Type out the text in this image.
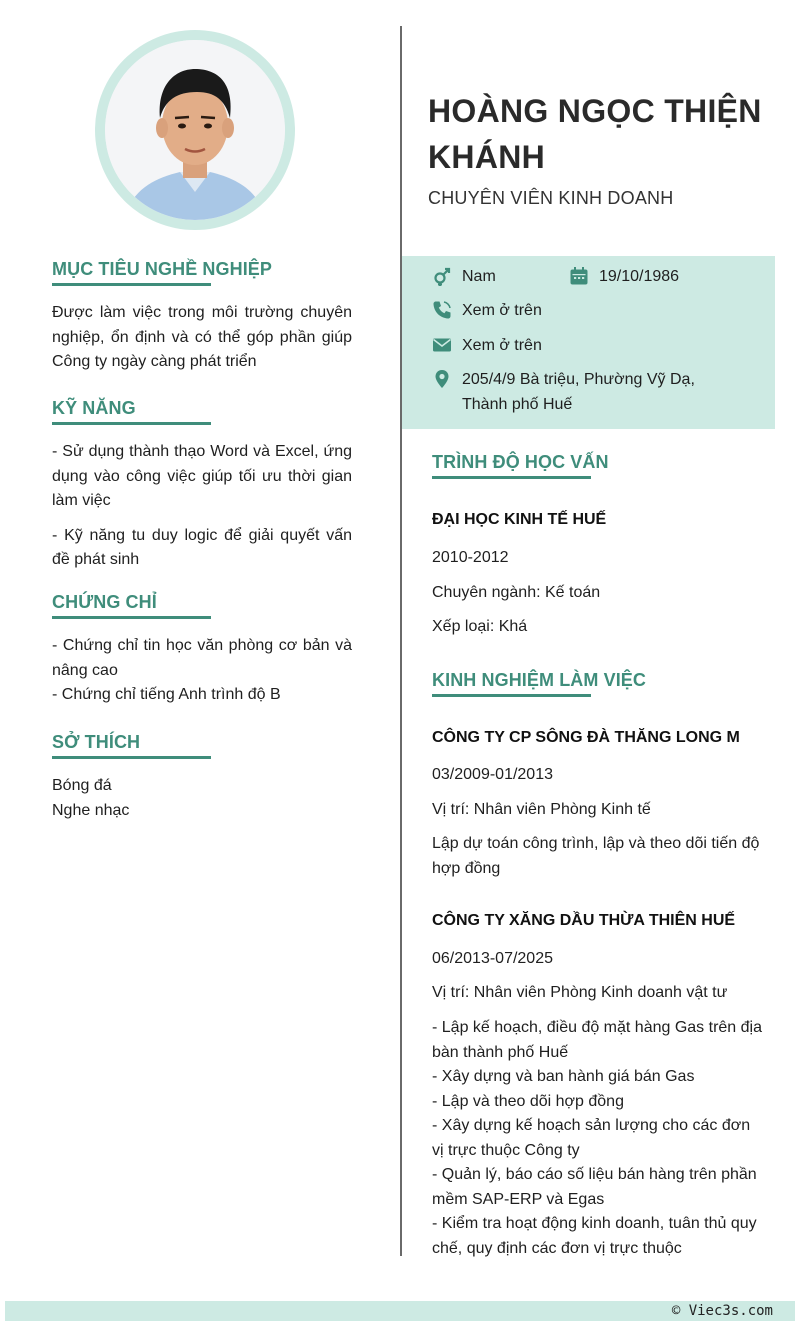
MỤC TIÊU NGHỀ NGHIỆP

Được làm việc trong môi trường chuyên nghiệp, ổn định và có thể góp phần giúp Công ty ngày càng phát triển

KỸ NĂNG

- Sử dụng thành thạo Word và Excel, ứng dụng vào công việc giúp tối ưu thời gian làm việc

- Kỹ năng tu duy logic để giải quyết vấn đề phát sinh

CHỨNG CHỈ

- Chứng chỉ tin học văn phòng cơ bản và nâng cao

- Chứng chỉ tiếng Anh trình độ B

SỞ THÍCH

Bóng đá

Nghe nhạc

HOÀNG NGỌC THIỆN KHÁNH
CHUYÊN VIÊN KINH DOANH
Nam	19/10/1986
Xem ở trên
Xem ở trên
205/4/9 Bà triệu, Phường Vỹ Dạ,
Thành phố Huế
TRÌNH ĐỘ HỌC VẤN
ĐẠI HỌC KINH TẾ HUẾ
2010-2012
Chuyên ngành: Kế toán
Xếp loại: Khá
KINH NGHIỆM LÀM VIỆC
CÔNG TY CP SÔNG ĐÀ THĂNG LONG M
03/2009-01/2013
Vị trí: Nhân viên Phòng Kinh tế
Lập dự toán công trình, lập và theo dõi tiến độ hợp đồng
CÔNG TY XĂNG DẦU THỪA THIÊN HUẾ
06/2013-07/2025
Vị trí: Nhân viên Phòng Kinh doanh vật tư
- Lập kế hoạch, điều độ mặt hàng Gas trên địa bàn thành phố Huế
- Xây dựng và ban hành giá bán Gas
- Lập và theo dõi hợp đồng
- Xây dựng kế hoạch sản lượng cho các đơn vị trực thuộc Công ty
- Quản lý, báo cáo số liệu bán hàng trên phần mềm SAP-ERP và Egas
- Kiểm tra hoạt động kinh doanh, tuân thủ quy chế, quy định các đơn vị trực thuộc
© Viec3s.com
